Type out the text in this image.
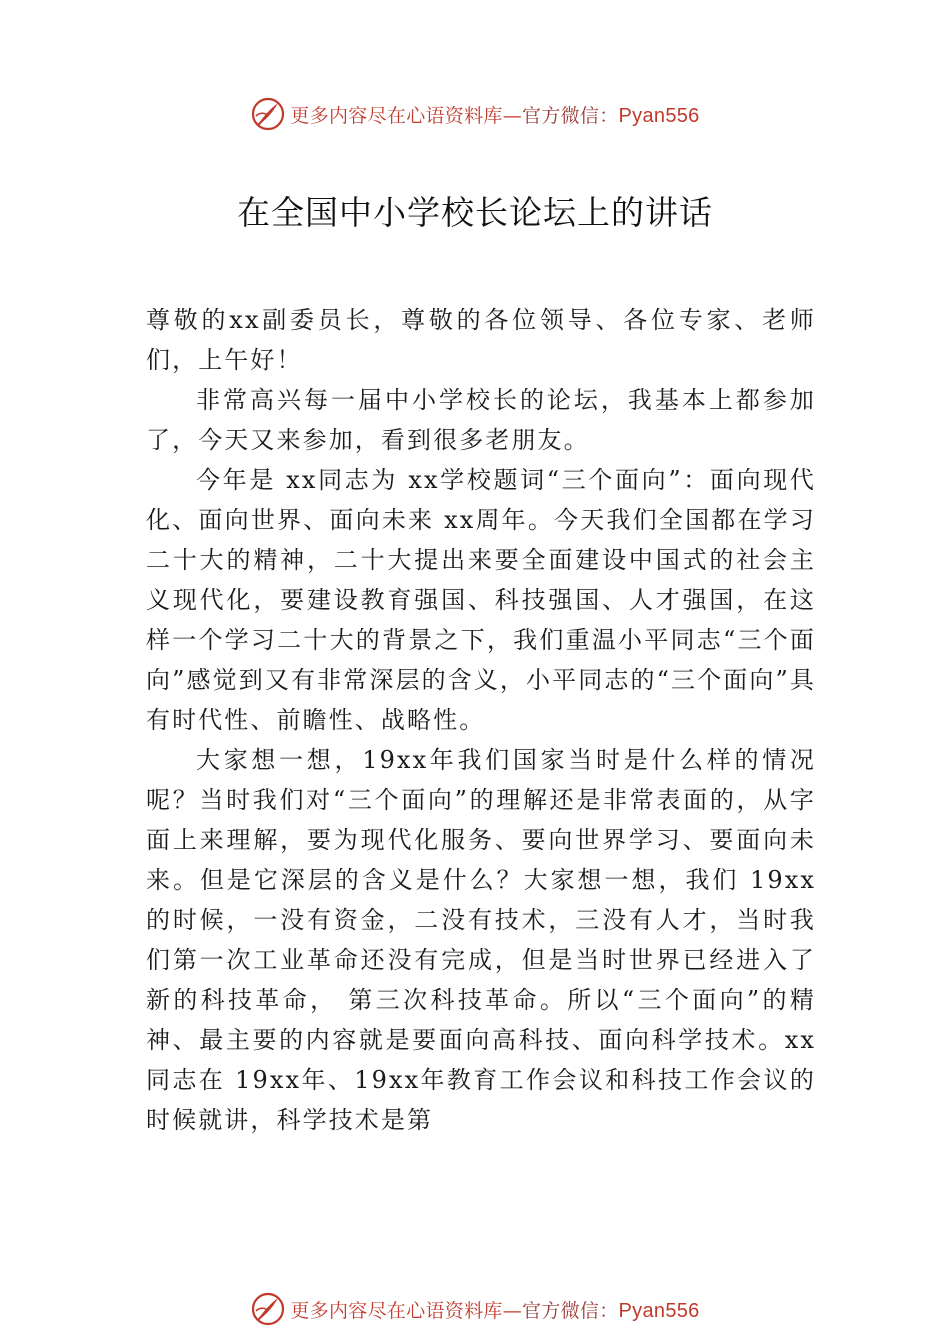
更多内容尽在心语资料库—官方微信：Pyan556
在全国中小学校长论坛上的讲话

尊敬的xx副委员长，尊敬的各位领导、各位专家、老师们，上午好！

非常高兴每一届中小学校长的论坛，我基本上都参加了，今天又来参加，看到很多老朋友。

今年是 xx同志为 xx学校题词“三个面向”：面向现代化、面向世界、面向未来 xx周年。今天我们全国都在学习二十大的精神，二十大提出来要全面建设中国式的社会主义现代化，要建设教育强国、科技强国、人才强国，在这样一个学习二十大的背景之下，我们重温小平同志“三个面向”感觉到又有非常深层的含义，小平同志的“三个面向”具有时代性、前瞻性、战略性。

大家想一想，19xx年我们国家当时是什么样的情况呢？当时我们对“三个面向”的理解还是非常表面的，从字面上来理解，要为现代化服务、要向世界学习、要面向未来。但是它深层的含义是什么？大家想一想，我们 19xx的时候，一没有资金，二没有技术，三没有人才，当时我们第一次工业革命还没有完成，但是当时世界已经进入了新的科技革命， 第三次科技革命。所以“三个面向”的精神、最主要的内容就是要面向高科技、面向科学技术。xx同志在 19xx年、19xx年教育工作会议和科技工作会议的时候就讲，科学技术是第

更多内容尽在心语资料库—官方微信：Pyan556
